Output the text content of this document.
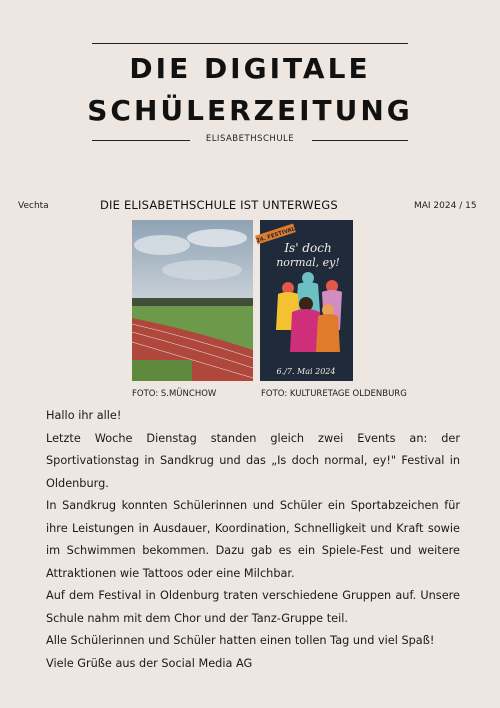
DIE DIGITALE
SCHÜLERZEITUNG
ELISABETHSCHULE
Vechta	DIE ELISABETHSCHULE IST UNTERWEGS	MAI 2024 / 15
24. FESTIVAL
Is' doch
normal, ey!
6./7. Mai 2024
FOTO: S.MÜNCHOW	FOTO: KULTURETAGE OLDENBURG

Hallo ihr alle!

Letzte Woche Dienstag standen gleich zwei Events an: der Sportivationstag in Sandkrug und das „Is doch normal, ey!" Festival in Oldenburg.

In Sandkrug konnten Schülerinnen und Schüler ein Sportabzeichen für ihre Leistungen in Ausdauer, Koordination, Schnelligkeit und Kraft sowie im Schwimmen bekommen. Dazu gab es ein Spiele-Fest und weitere Attraktionen wie Tattoos oder eine Milchbar.

Auf dem Festival in Oldenburg traten verschiedene Gruppen auf. Unsere Schule nahm mit dem Chor und der Tanz-Gruppe teil.

Alle Schülerinnen und Schüler hatten einen tollen Tag und viel Spaß!

Viele Grüße aus der Social Media AG
